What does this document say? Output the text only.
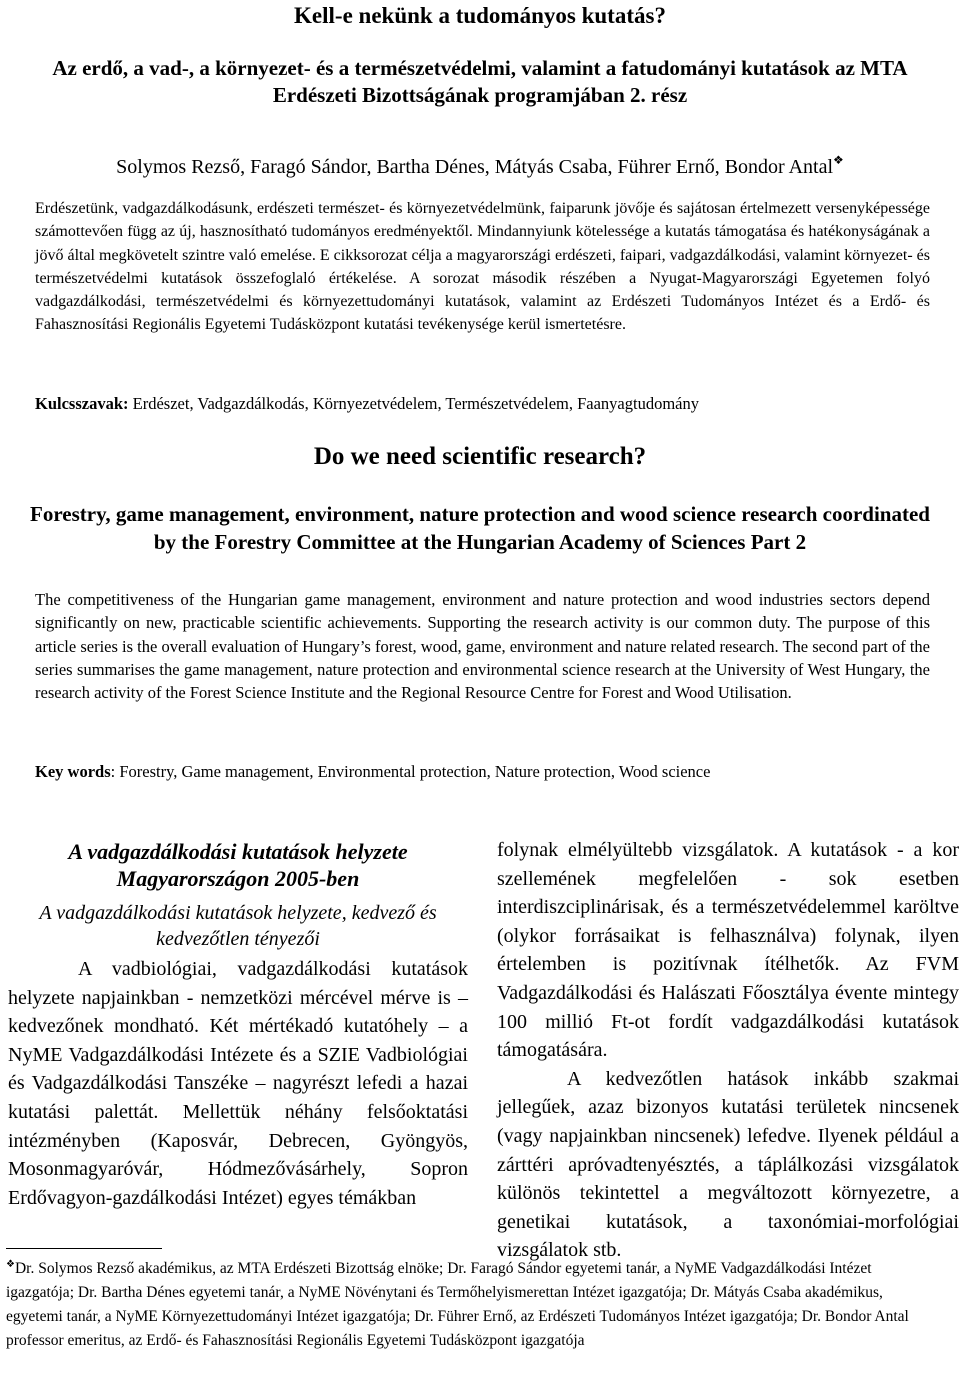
Kell-e nekünk a tudományos kutatás?
Az erdő, a vad-, a környezet- és a természetvédelmi, valamint a fatudományi kutatások az MTA Erdészeti Bizottságának programjában 2. rész
Solymos Rezső, Faragó Sándor, Bartha Dénes, Mátyás Csaba, Führer Ernő, Bondor Antal❖
Erdészetünk, vadgazdálkodásunk, erdészeti természet- és környezetvédelmünk, faiparunk jövője és sajátosan értelmezett versenyképessége számottevően függ az új, hasznosítható tudományos eredményektől. Mindannyiunk kötelessége a kutatás támogatása és hatékonyságának a jövő által megkövetelt szintre való emelése. E cikksorozat célja a magyarországi erdészeti, faipari, vadgazdálkodási, valamint környezet- és természetvédelmi kutatások összefoglaló értékelése. A sorozat második részében a Nyugat-Magyarországi Egyetemen folyó vadgazdálkodási, természetvédelmi és környezettudományi kutatások, valamint az Erdészeti Tudományos Intézet és a Erdő- és Fahasznosítási Regionális Egyetemi Tudásközpont kutatási tevékenysége kerül ismertetésre.
Kulcsszavak: Erdészet, Vadgazdálkodás, Környezetvédelem, Természetvédelem, Faanyagtudomány
Do we need scientific research?
Forestry, game management, environment, nature protection and wood science research coordinated by the Forestry Committee at the Hungarian Academy of Sciences Part 2
The competitiveness of the Hungarian game management, environment and nature protection and wood industries sectors depend significantly on new, practicable scientific achievements. Supporting the research activity is our common duty. The purpose of this article series is the overall evaluation of Hungary’s forest, wood, game, environment and nature related research. The second part of the series summarises the game management, nature protection and environmental science research at the University of West Hungary, the research activity of the Forest Science Institute and the Regional Resource Centre for Forest and Wood Utilisation.
Key words: Forestry, Game management, Environmental protection, Nature protection, Wood science
A vadgazdálkodási kutatások helyzete Magyarországon 2005-ben
A vadgazdálkodási kutatások helyzete, kedvező és kedvezőtlen tényezői
A vadbiológiai, vadgazdálkodási kutatások helyzete napjainkban - nemzetközi mércével mérve is – kedvezőnek mondható. Két mértékadó kutatóhely – a NyME Vadgazdálkodási Intézete és a SZIE Vadbiológiai és Vadgazdálkodási Tanszéke – nagyrészt lefedi a hazai kutatási palettát. Mellettük néhány felsőoktatási intézményben (Kaposvár, Debrecen, Gyöngyös, Mosonmagyaróvár, Hódmezővásárhely, Sopron Erdővagyon-gazdálkodási Intézet) egyes témákban
folynak elmélyültebb vizsgálatok. A kutatások - a kor szellemének megfelelően - sok esetben interdiszciplinárisak, és a természetvédelemmel karöltve (olykor forrásaikat is felhasználva) folynak, ilyen értelemben is pozitívnak ítélhetők. Az FVM Vadgazdálkodási és Halászati Főosztálya évente mintegy 100 millió Ft-ot fordít vadgazdálkodási kutatások támogatására.
A kedvezőtlen hatások inkább szakmai jellegűek, azaz bizonyos kutatási területek nincsenek (vagy napjainkban nincsenek) lefedve. Ilyenek például a zárttéri apróvadtenyésztés, a táplálkozási vizsgálatok különös tekintettel a megváltozott környezetre, a genetikai kutatások, a taxonómiai-morfológiai vizsgálatok stb.
❖Dr. Solymos Rezső akadémikus, az MTA Erdészeti Bizottság elnöke; Dr. Faragó Sándor egyetemi tanár, a NyME Vadgazdálkodási Intézet igazgatója; Dr. Bartha Dénes egyetemi tanár, a NyME Növénytani és Termőhelyismerettan Intézet igazgatója; Dr. Mátyás Csaba akadémikus, egyetemi tanár, a NyME Környezettudományi Intézet igazgatója; Dr. Führer Ernő, az Erdészeti Tudományos Intézet igazgatója; Dr. Bondor Antal professor emeritus, az Erdő- és Fahasznosítási Regionális Egyetemi Tudásközpont igazgatója
